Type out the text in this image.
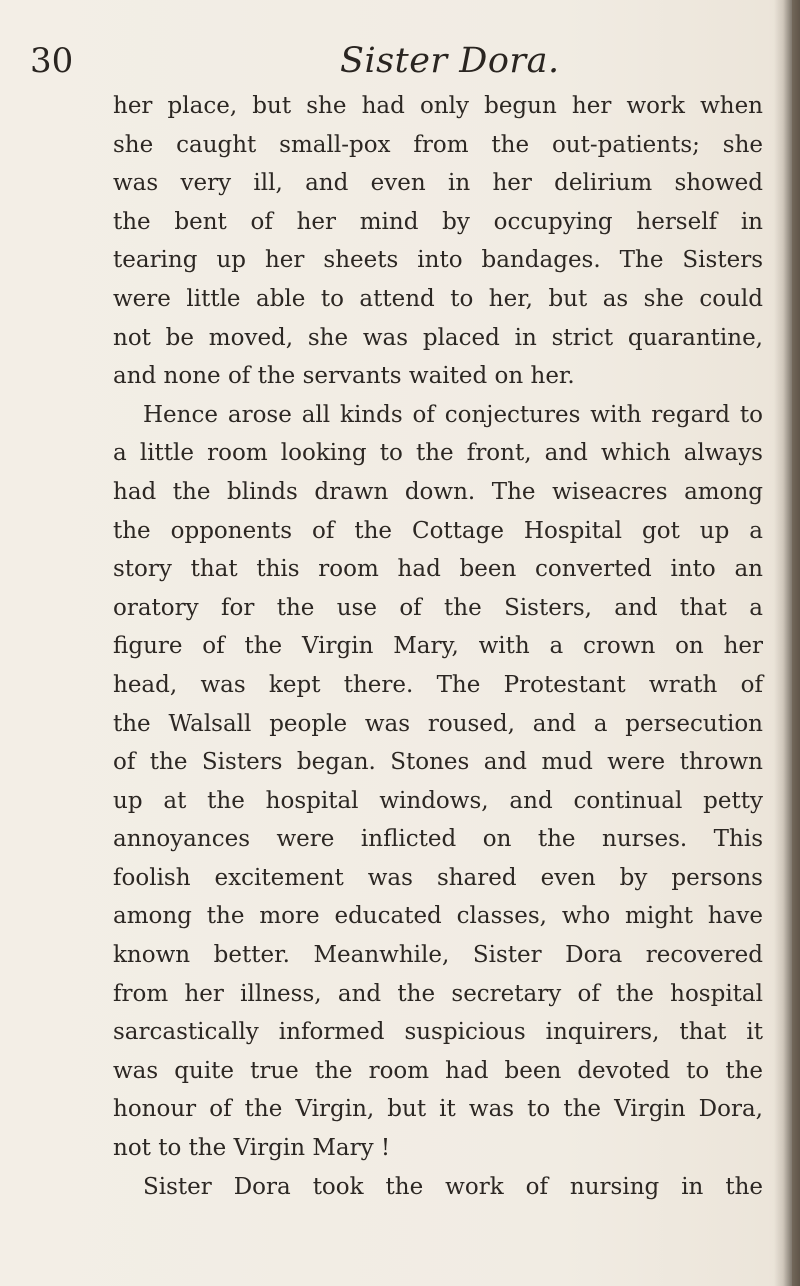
30	Sister Dora.
her place, but she had only begun her work when
she caught small-pox from the out-patients; she
was very ill, and even in her delirium showed
the bent of her mind by occupying herself in
tearing up her sheets into bandages. The Sisters
were little able to attend to her, but as she could
not be moved, she was placed in strict quarantine,
and none of the servants waited on her.
Hence arose all kinds of conjectures with regard to
a little room looking to the front, and which always
had the blinds drawn down. The wiseacres among
the opponents of the Cottage Hospital got up a
story that this room had been converted into an
oratory for the use of the Sisters, and that a
figure of the Virgin Mary, with a crown on her
head, was kept there. The Protestant wrath of
the Walsall people was roused, and a persecution
of the Sisters began. Stones and mud were thrown
up at the hospital windows, and continual petty
annoyances were inflicted on the nurses. This
foolish excitement was shared even by persons
among the more educated classes, who might have
known better. Meanwhile, Sister Dora recovered
from her illness, and the secretary of the hospital
sarcastically informed suspicious inquirers, that it
was quite true the room had been devoted to the
honour of the Virgin, but it was to the Virgin Dora,
not to the Virgin Mary !
Sister Dora took the work of nursing in the
